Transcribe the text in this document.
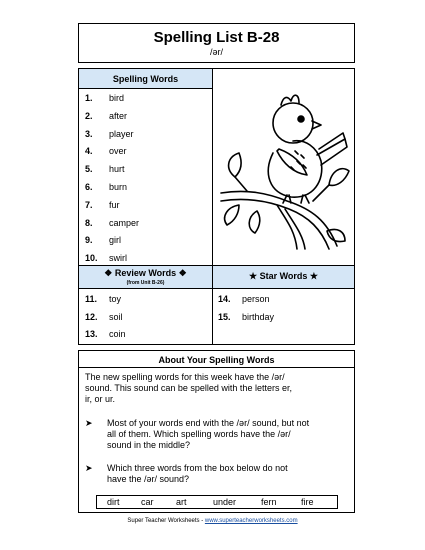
Spelling List B-28
/ər/
Spelling Words
1. bird
2. after
3. player
4. over
5. hurt
6. burn
7. fur
8. camper
9. girl
10. swirl
❖ Review Words ❖
(from Unit B-26)
★ Star Words ★
11. toy
12. soil
13. coin
14. person
15. birthday
About Your Spelling Words
The new spelling words for this week have the /ər/
sound. This sound can be spelled with the letters er,
ir, or ur.
➤ Most of your words end with the /ər/ sound, but not
all of them. Which spelling words have the /ər/
sound in the middle?
➤ Which three words from the box below do not
have the /ər/ sound?
dirt car art	under	fern	fire
Super Teacher Worksheets - www.superteacherworksheets.com
